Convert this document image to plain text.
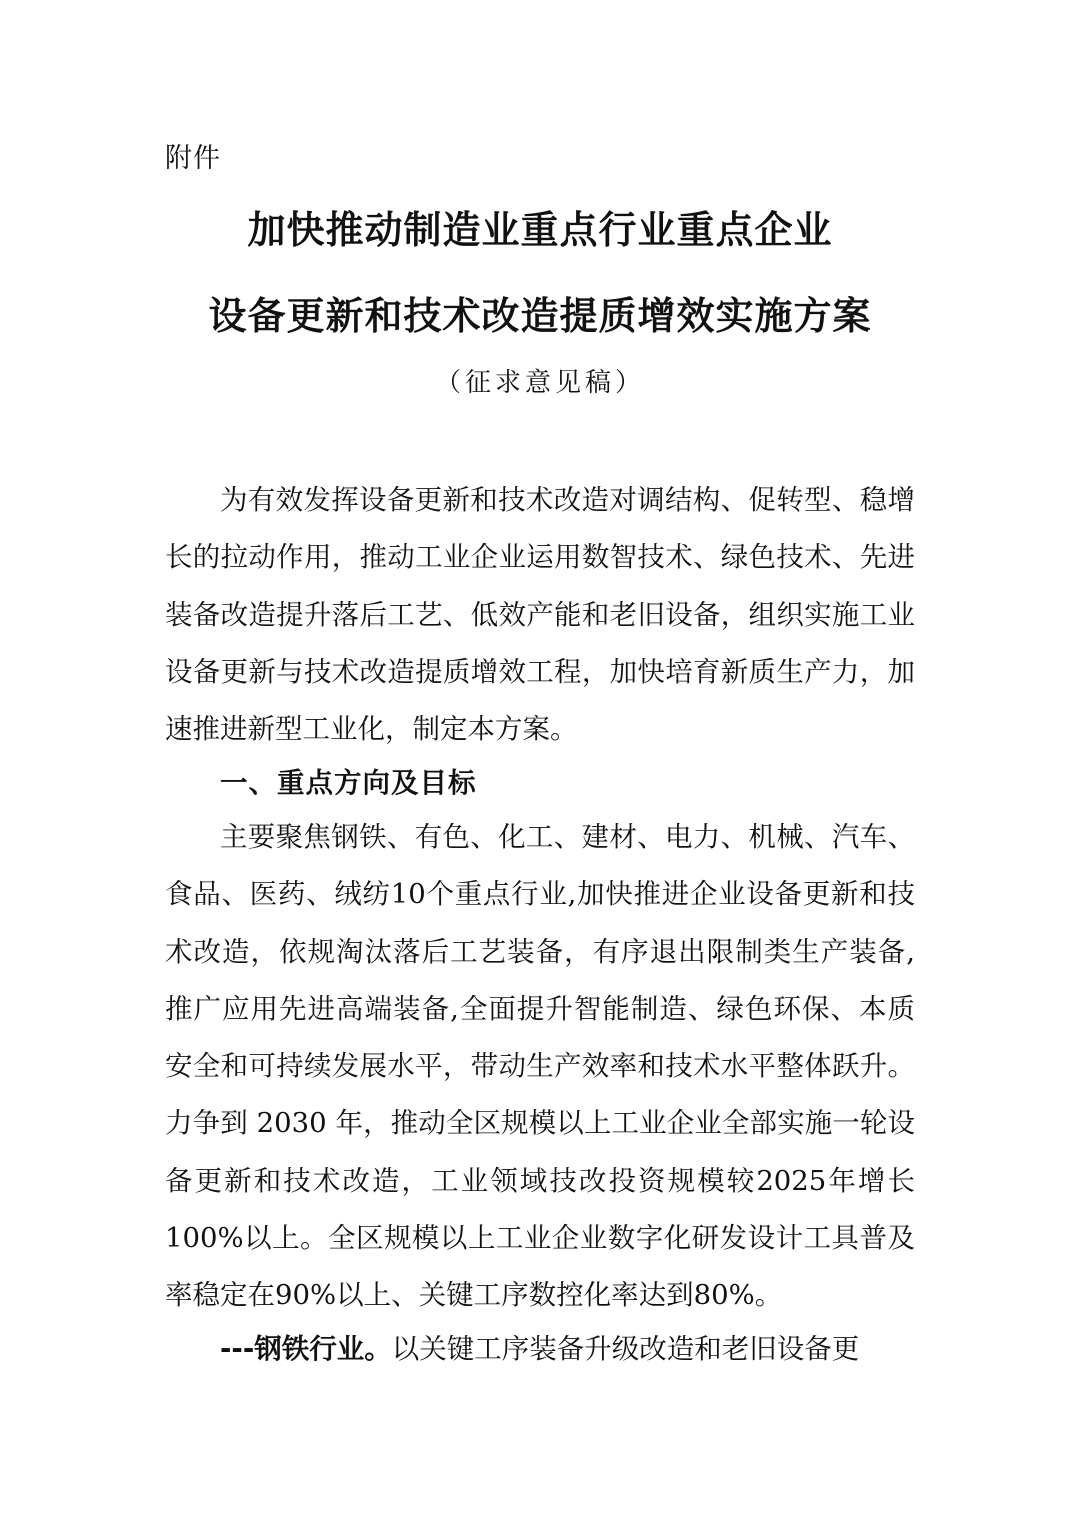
附件
加快推动制造业重点行业重点企业
设备更新和技术改造提质增效实施方案
（征求意见稿）

为有效发挥设备更新和技术改造对调结构、促转型、稳增长的拉动作用，推动工业企业运用数智技术、绿色技术、先进装备改造提升落后工艺、低效产能和老旧设备，组织实施工业设备更新与技术改造提质增效工程，加快培育新质生产力，加速推进新型工业化，制定本方案。

一、重点方向及目标

主要聚焦钢铁、有色、化工、建材、电力、机械、汽车、食品、医药、绒纺10个重点行业,加快推进企业设备更新和技术改造，依规淘汰落后工艺装备，有序退出限制类生产装备,推广应用先进高端装备,全面提升智能制造、绿色环保、本质安全和可持续发展水平，带动生产效率和技术水平整体跃升。力争到 2030 年，推动全区规模以上工业企业全部实施一轮设备更新和技术改造，工业领域技改投资规模较2025年增长100%以上。全区规模以上工业企业数字化研发设计工具普及率稳定在90%以上、关键工序数控化率达到80%。

---钢铁行业。以关键工序装备升级改造和老旧设备更
